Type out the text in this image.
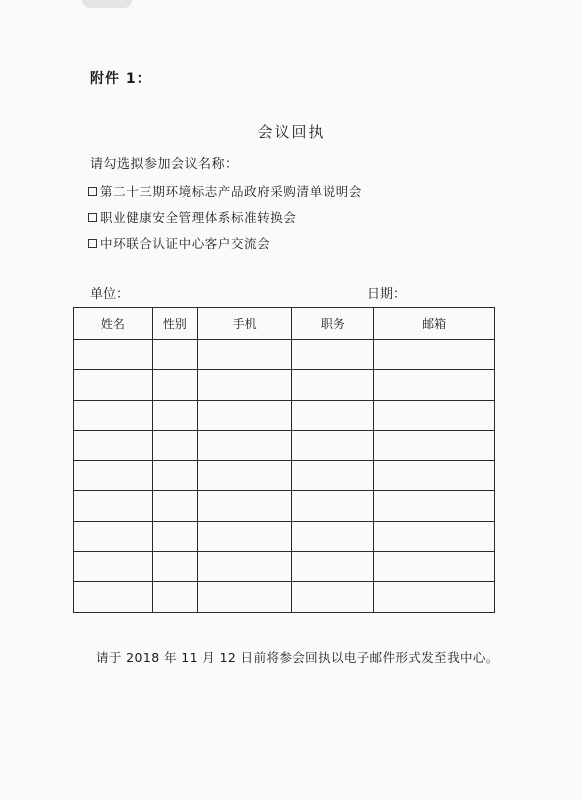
附件 1：
会议回执
请勾选拟参加会议名称：
第二十三期环境标志产品政府采购清单说明会
职业健康安全管理体系标准转换会
中环联合认证中心客户交流会
单位：	日期：
姓名	性别	手机	职务	邮箱

请于 2018 年 11 月 12 日前将参会回执以电子邮件形式发至我中心。
